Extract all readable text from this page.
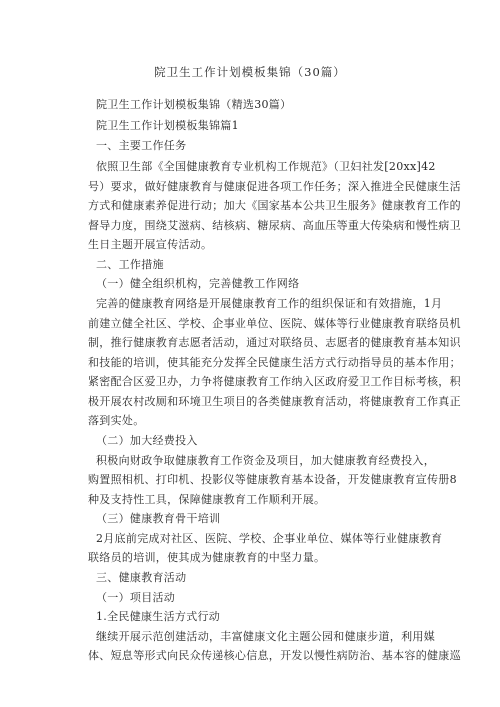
院卫生工作计划模板集锦（30篇）
院卫生工作计划模板集锦（精选30篇）
院卫生工作计划模板集锦篇1
一、主要工作任务
依照卫生部《全国健康教育专业机构工作规范》（卫妇社发[20xx]42
号）要求，做好健康教育与健康促进各项工作任务；深入推进全民健康生活
方式和健康素养促进行动；加大《国家基本公共卫生服务》健康教育工作的
督导力度，围绕艾滋病、结核病、糖尿病、高血压等重大传染病和慢性病卫
生日主题开展宣传活动。
二、工作措施
（一）健全组织机构，完善健教工作网络
完善的健康教育网络是开展健康教育工作的组织保证和有效措施，1月
前建立健全社区、学校、企事业单位、医院、媒体等行业健康教育联络员机
制，推行健康教育志愿者活动，通过对联络员、志愿者的健康教育基本知识
和技能的培训，使其能充分发挥全民健康生活方式行动指导员的基本作用；
紧密配合区爱卫办，力争将健康教育工作纳入区政府爱卫工作目标考核，积
极开展农村改厕和环境卫生项目的各类健康教育活动，将健康教育工作真正
落到实处。
（二）加大经费投入
积极向财政争取健康教育工作资金及项目，加大健康教育经费投入，
购置照相机、打印机、投影仪等健康教育基本设备，开发健康教育宣传册8
种及支持性工具，保障健康教育工作顺利开展。
（三）健康教育骨干培训
2月底前完成对社区、医院、学校、企事业单位、媒体等行业健康教育
联络员的培训，使其成为健康教育的中坚力量。
三、健康教育活动
（一）项目活动
1.全民健康生活方式行动
继续开展示范创建活动，丰富健康文化主题公园和健康步道，利用媒
体、短息等形式向民众传递核心信息，开发以慢性病防治、基本容的健康巡
